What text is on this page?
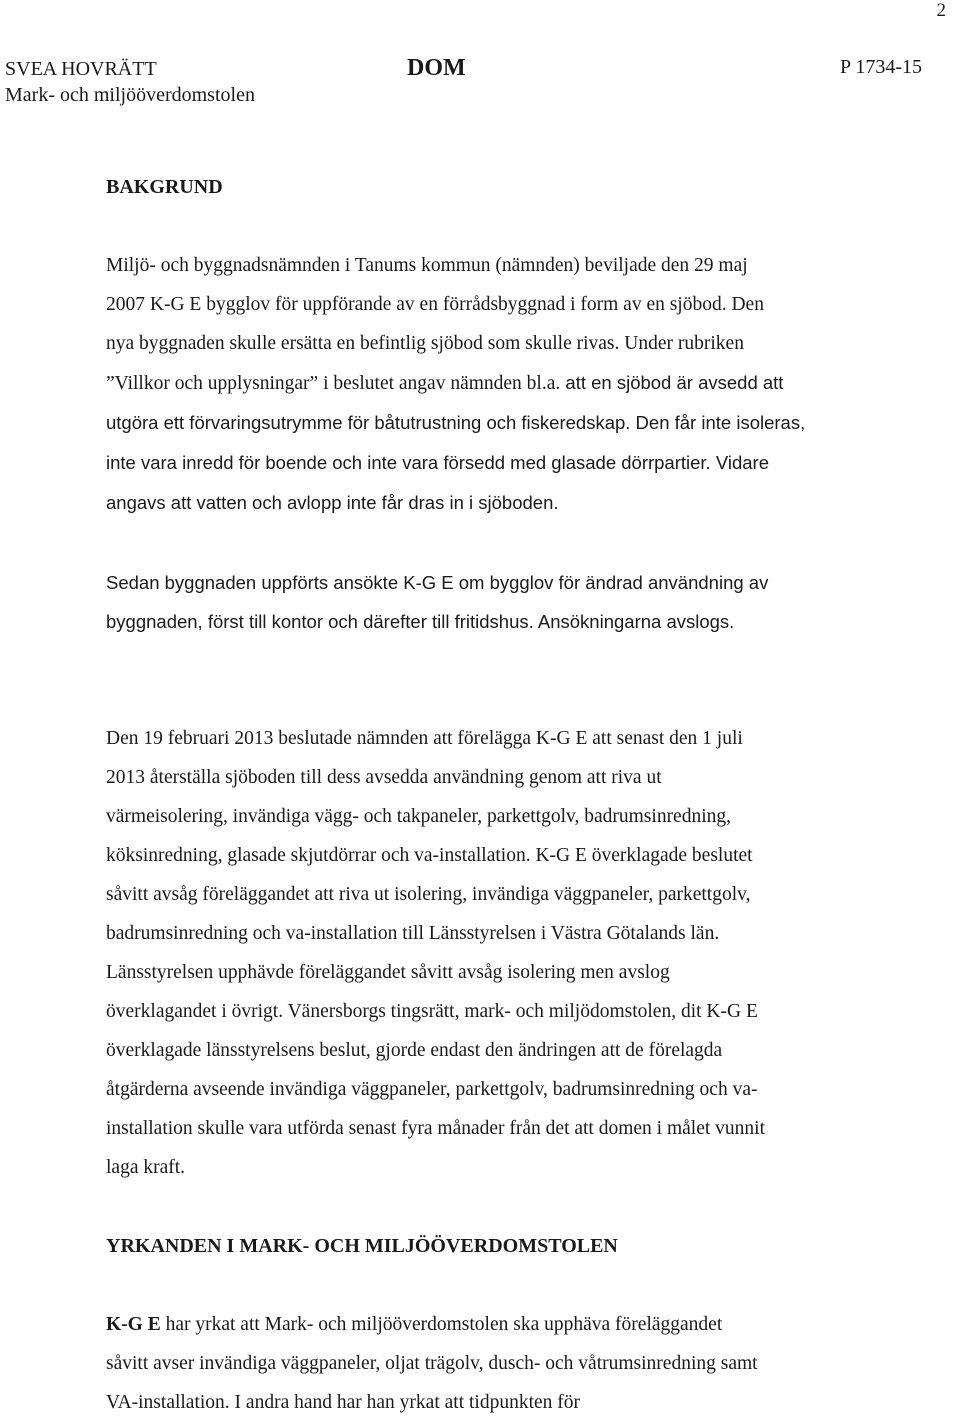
2
SVEA HOVRÄTT
Mark- och miljööverdomstolen
DOM	P 1734-15
BAKGRUND

Miljö- och byggnadsnämnden i Tanums kommun (nämnden) beviljade den 29 maj
2007 K-G E bygglov för uppförande av en förrådsbyggnad i form av en sjöbod. Den
nya byggnaden skulle ersätta en befintlig sjöbod som skulle rivas. Under rubriken
”Villkor och upplysningar” i beslutet angav nämnden bl.a. att en sjöbod är avsedd att
utgöra ett förvaringsutrymme för båtutrustning och fiskeredskap. Den får inte isoleras,
inte vara inredd för boende och inte vara försedd med glasade dörrpartier. Vidare
angavs att vatten och avlopp inte får dras in i sjöboden.

Sedan byggnaden uppförts ansökte K-G E om bygglov för ändrad användning av
byggnaden, först till kontor och därefter till fritidshus. Ansökningarna avslogs.

Den 19 februari 2013 beslutade nämnden att förelägga K-G E att senast den 1 juli
2013 återställa sjöboden till dess avsedda användning genom att riva ut
värmeisolering, invändiga vägg- och takpaneler, parkettgolv, badrumsinredning,
köksinredning, glasade skjutdörrar och va-installation. K-G E överklagade beslutet
såvitt avsåg föreläggandet att riva ut isolering, invändiga väggpaneler, parkettgolv,
badrumsinredning och va-installation till Länsstyrelsen i Västra Götalands län.
Länsstyrelsen upphävde föreläggandet såvitt avsåg isolering men avslog
överklagandet i övrigt. Vänersborgs tingsrätt, mark- och miljödomstolen, dit K-G E
överklagade länsstyrelsens beslut, gjorde endast den ändringen att de förelagda
åtgärderna avseende invändiga väggpaneler, parkettgolv, badrumsinredning och va-
installation skulle vara utförda senast fyra månader från det att domen i målet vunnit
laga kraft.

YRKANDEN I MARK- OCH MILJÖÖVERDOMSTOLEN

K-G E har yrkat att Mark- och miljööverdomstolen ska upphäva föreläggandet
såvitt avser invändiga väggpaneler, oljat trägolv, dusch- och våtrumsinredning samt
VA-installation. I andra hand har han yrkat att tidpunkten för
